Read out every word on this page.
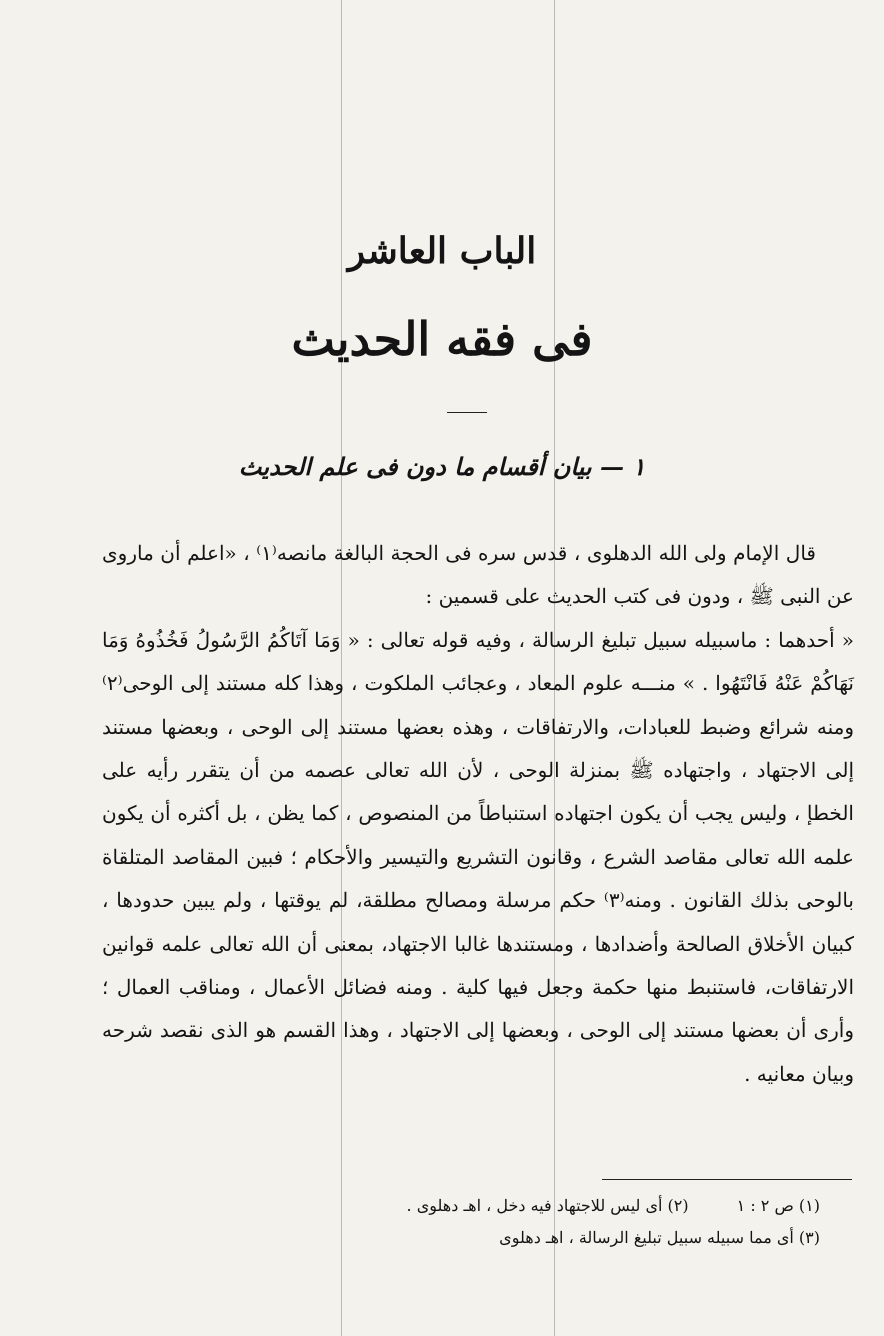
الباب العاشر
فى فقه الحديث
١ — بيان أقسام ما دون فى علم الحديث

قال الإمام ولى الله الدهلوى ، قدس سره فى الحجة البالغة مانصه⁽١⁾ ، «اعلم أن ماروى عن النبى ﷺ ، ودون فى كتب الحديث على قسمين :

« أحدهما : ماسبيله سبيل تبليغ الرسالة ، وفيه قوله تعالى : « وَمَا آتَاكُمُ الرَّسُولُ فَخُذُوهُ وَمَا نَهَاكُمْ عَنْهُ فَانْتَهُوا . » منـــه علوم المعاد ، وعجائب الملكوت ، وهذا كله مستند إلى الوحى⁽٢⁾ ومنه شرائع وضبط للعبادات، والارتفاقات ، وهذه بعضها مستند إلى الوحى ، وبعضها مستند إلى الاجتهاد ، واجتهاده ﷺ بمنزلة الوحى ، لأن الله تعالى عصمه من أن يتقرر رأيه على الخطإ ، وليس يجب أن يكون اجتهاده استنباطاً من المنصوص ، كما يظن ، بل أكثره أن يكون علمه الله تعالى مقاصد الشرع ، وقانون التشريع والتيسير والأحكام ؛ فبين المقاصد المتلقاة بالوحى بذلك القانون . ومنه⁽٣⁾ حكم مرسلة ومصالح مطلقة، لم يوقتها ، ولم يبين حدودها ، كبيان الأخلاق الصالحة وأضدادها ، ومستندها غالبا الاجتهاد، بمعنى أن الله تعالى علمه قوانين الارتفاقات، فاستنبط منها حكمة وجعل فيها كلية . ومنه فضائل الأعمال ، ومناقب العمال ؛ وأرى أن بعضها مستند إلى الوحى ، وبعضها إلى الاجتهاد ، وهذا القسم هو الذى نقصد شرحه وبيان معانيه .

(١) ص ٢ : ١
(٢) أى ليس للاجتهاد فيه دخل ، اهـ دهلوى .
(٣) أى مما سبيله سبيل تبليغ الرسالة ، اهـ دهلوى
